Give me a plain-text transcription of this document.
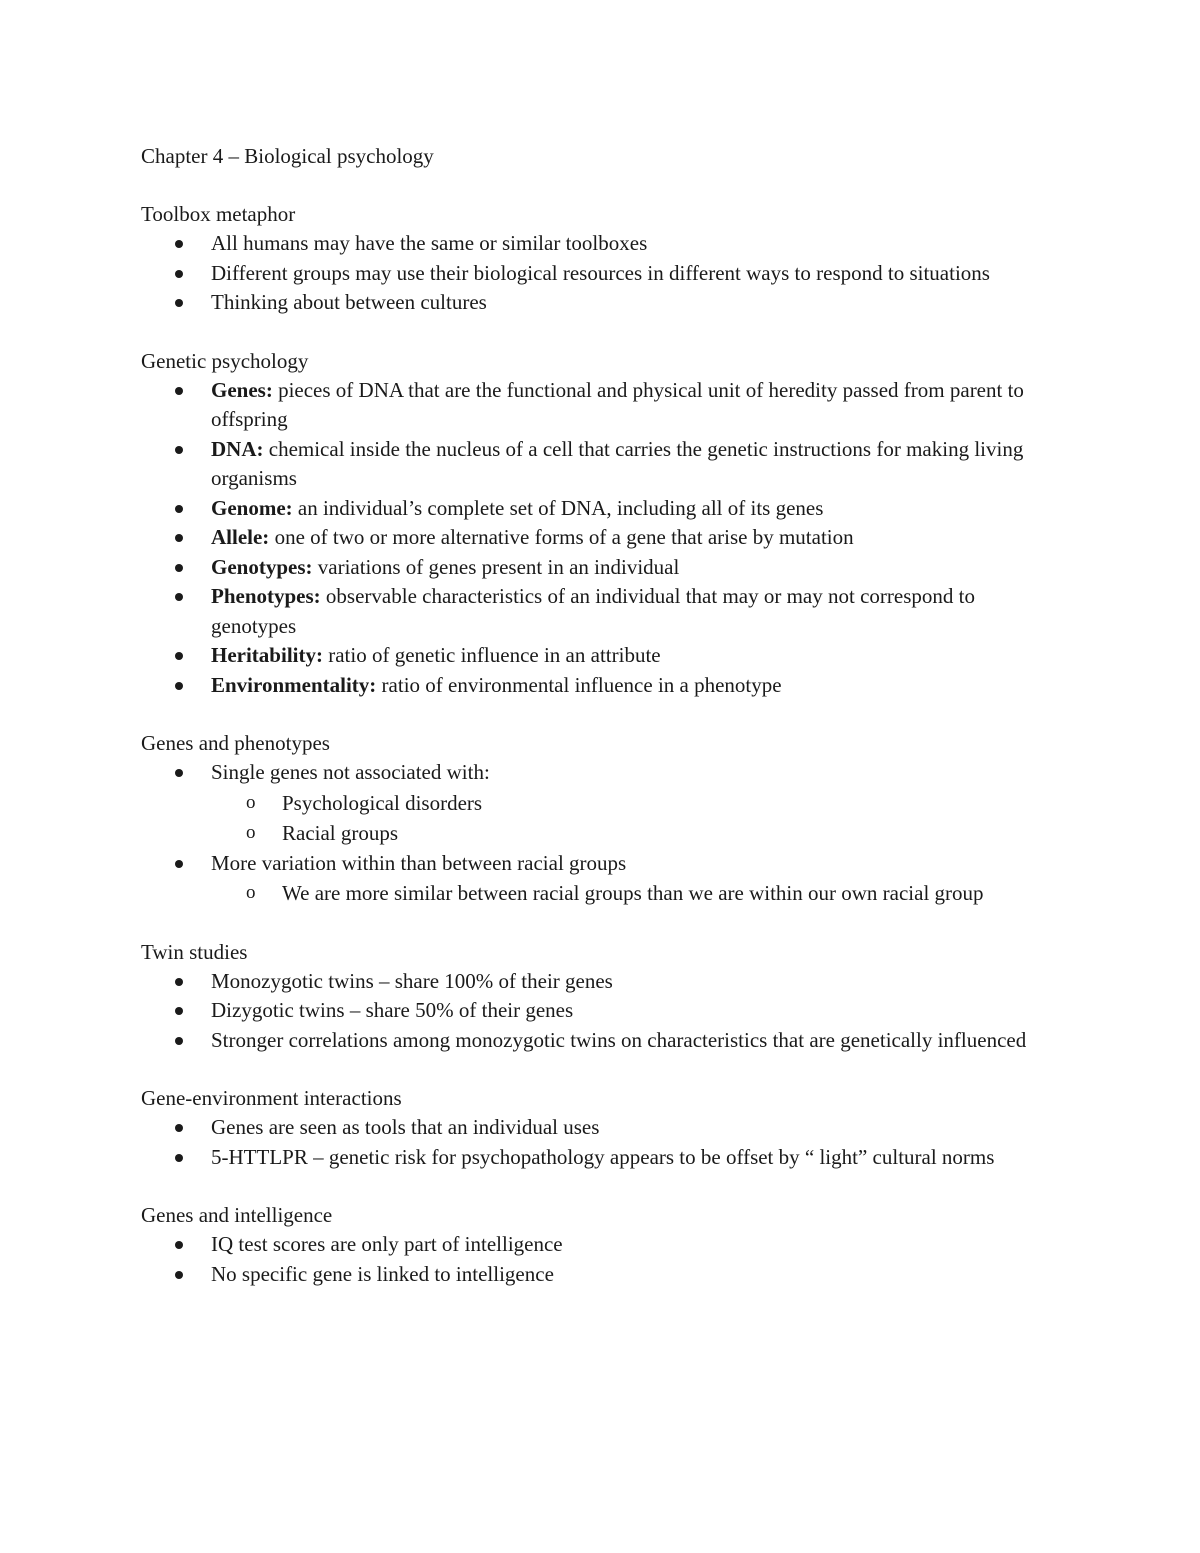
Chapter 4 – Biological psychology

Toolbox metaphor

All humans may have the same or similar toolboxes
Different groups may use their biological resources in different ways to respond to situations
Thinking about between cultures

Genetic psychology

Genes: pieces of DNA that are the functional and physical unit of heredity passed from parent to offspring
DNA: chemical inside the nucleus of a cell that carries the genetic instructions for making living organisms
Genome: an individual’s complete set of DNA, including all of its genes
Allele: one of two or more alternative forms of a gene that arise by mutation
Genotypes: variations of genes present in an individual
Phenotypes: observable characteristics of an individual that may or may not correspond to genotypes
Heritability: ratio of genetic influence in an attribute
Environmentality: ratio of environmental influence in a phenotype

Genes and phenotypes

Single genes not associated with:
o Psychological disorders
o Racial groups
More variation within than between racial groups
o We are more similar between racial groups than we are within our own racial group

Twin studies

Monozygotic twins – share 100% of their genes
Dizygotic twins – share 50% of their genes
Stronger correlations among monozygotic twins on characteristics that are genetically influenced

Gene-environment interactions

Genes are seen as tools that an individual uses
5-HTTLPR – genetic risk for psychopathology appears to be offset by “ light” cultural norms

Genes and intelligence

IQ test scores are only part of intelligence
No specific gene is linked to intelligence
